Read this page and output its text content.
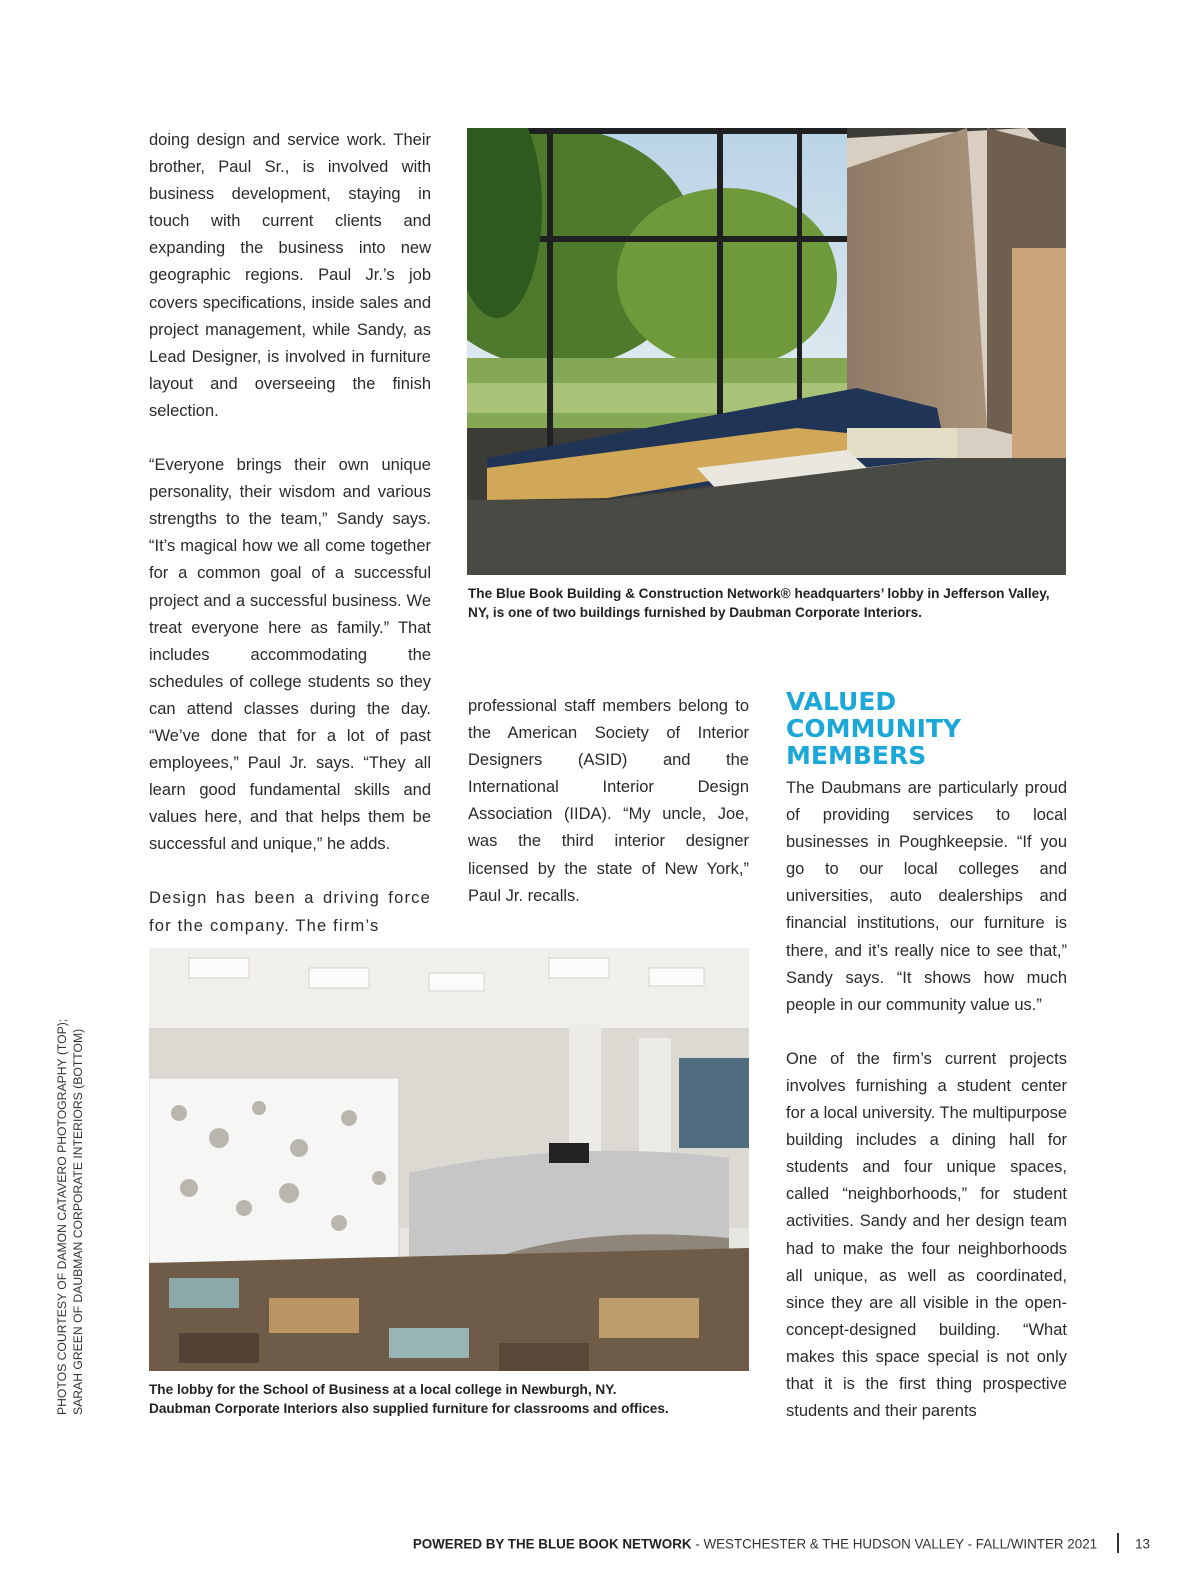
doing design and service work. Their brother, Paul Sr., is involved with business development, staying in touch with current clients and expanding the business into new geographic regions. Paul Jr.’s job covers specifications, inside sales and project management, while Sandy, as Lead Designer, is involved in furniture layout and overseeing the finish selection.

“Everyone brings their own unique personality, their wisdom and various strengths to the team,” Sandy says. “It’s magical how we all come together for a common goal of a successful project and a successful business. We treat everyone here as family.” That includes accommodating the schedules of college students so they can attend classes during the day. “We’ve done that for a lot of past employees,” Paul Jr. says. “They all learn good fundamental skills and values here, and that helps them be successful and unique,” he adds.

Design has been a driving force for the company. The firm’s

The Blue Book Building & Construction Network® headquarters’ lobby in Jefferson Valley, NY, is one of two buildings furnished by Daubman Corporate Interiors.

professional staff members belong to the American Society of Interior Designers (ASID) and the International Interior Design Association (IIDA). “My uncle, Joe, was the third interior designer licensed by the state of New York,” Paul Jr. recalls.

VALUED COMMUNITY MEMBERS

The Daubmans are particularly proud of providing services to local businesses in Poughkeepsie. “If you go to our local colleges and universities, auto dealerships and financial institutions, our furniture is there, and it’s really nice to see that,” Sandy says. “It shows how much people in our community value us.”

One of the firm’s current projects involves furnishing a student center for a local university. The multipurpose building includes a dining hall for students and four unique spaces, called “neighborhoods,” for student activities. Sandy and her design team had to make the four neighborhoods all unique, as well as coordinated, since they are all visible in the open-concept-designed building. “What makes this space special is not only that it is the first thing prospective students and their parents

The lobby for the School of Business at a local college in Newburgh, NY.
Daubman Corporate Interiors also supplied furniture for classrooms and offices.
PHOTOS COURTESY OF DAMON CATAVERO PHOTOGRAPHY (TOP); SARAH GREEN OF DAUBMAN CORPORATE INTERIORS (BOTTOM)
POWERED BY THE BLUE BOOK NETWORK - WESTCHESTER & THE HUDSON VALLEY - FALL/WINTER 2021	13
